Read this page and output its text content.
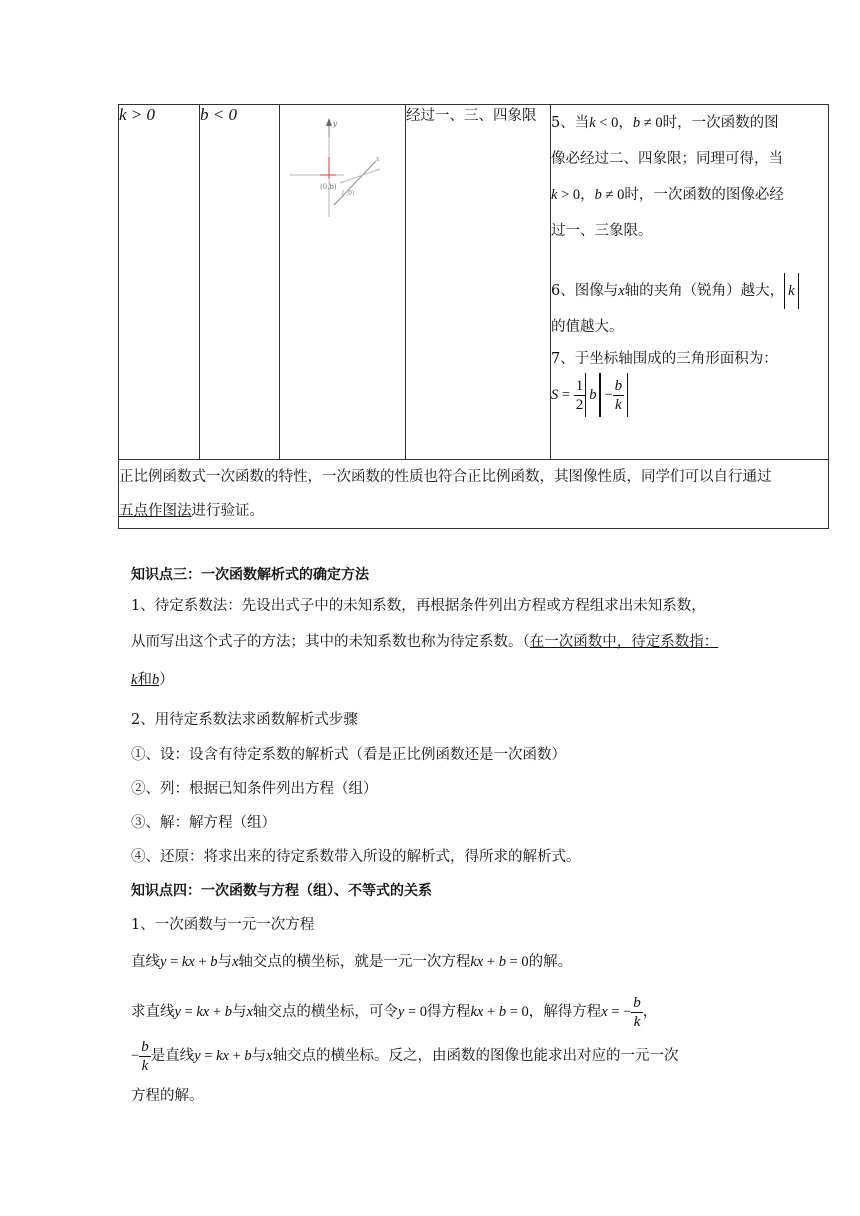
k > 0	b < 0	y
(0,b)
( ,0)
x
	经过一、三、四象限	5、当k < 0，b ≠ 0时，一次函数的图
像必经过二、四象限；同理可得，当
k > 0，b ≠ 0时，一次函数的图像必经
过一、三象限。

6、图像与x轴的夹角（锐角）越大， k
的值越大。

7、于坐标轴围成的三角形面积为：

$S = \frac{1}{2}$ $b - \frac{b}{k}$

正比例函数式一次函数的特性，一次函数的性质也符合正比例函数，其图像性质，同学们可以自行通过
五点作图法进行验证。
知识点三：一次函数解析式的确定方法
1、待定系数法：先设出式子中的未知系数，再根据条件列出方程或方程组求出未知系数，
从而写出这个式子的方法；其中的未知系数也称为待定系数。（在一次函数中，待定系数指：
k和b）
2、用待定系数法求函数解析式步骤
①、设：设含有待定系数的解析式（看是正比例函数还是一次函数）
②、列：根据已知条件列出方程（组）
③、解：解方程（组）
④、还原：将求出来的待定系数带入所设的解析式，得所求的解析式。
知识点四：一次函数与方程（组）、不等式的关系
1、一次函数与一元一次方程
直线y = kx + b与x轴交点的横坐标，就是一元一次方程kx + b = 0的解。
求直线y = kx + b与x轴交点的横坐标，可令y = 0得方程kx + b = 0，解得方程x = − $\frac{b}{k}$ ，
− $\frac{b}{k}$ 是直线y = kx + b与x轴交点的横坐标。反之，由函数的图像也能求出对应的一元一次
方程的解。
